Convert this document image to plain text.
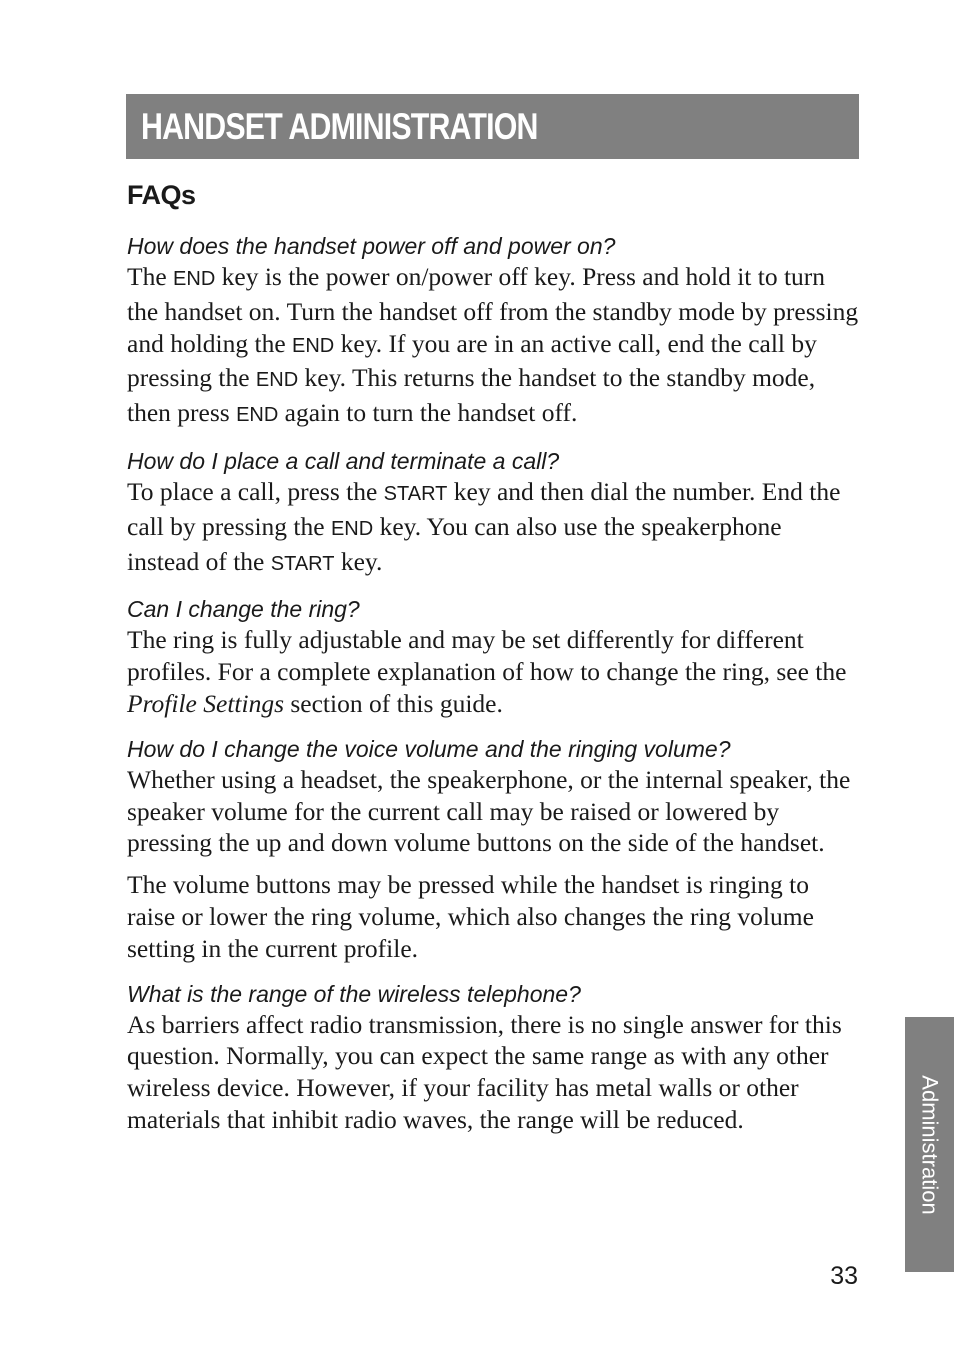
HANDSET ADMINISTRATION
FAQs

How does the handset power off and power on?

The END key is the power on/power off key. Press and hold it to turn the handset on. Turn the handset off from the standby mode by pressing and holding the END key. If you are in an active call, end the call by pressing the END key. This returns the handset to the standby mode, then press END again to turn the handset off.

How do I place a call and terminate a call?

To place a call, press the START key and then dial the number. End the call by pressing the END key. You can also use the speakerphone instead of the START key.

Can I change the ring?

The ring is fully adjustable and may be set differently for different profiles. For a complete explanation of how to change the ring, see the Profile Settings section of this guide.

How do I change the voice volume and the ringing volume?

Whether using a headset, the speakerphone, or the internal speaker, the speaker volume for the current call may be raised or lowered by pressing the up and down volume buttons on the side of the handset.

The volume buttons may be pressed while the handset is ringing to raise or lower the ring volume, which also changes the ring volume setting in the current profile.

What is the range of the wireless telephone?

As barriers affect radio transmission, there is no single answer for this question. Normally, you can expect the same range as with any other wireless device. However, if your facility has metal walls or other materials that inhibit radio waves, the range will be reduced.	Administration
33
